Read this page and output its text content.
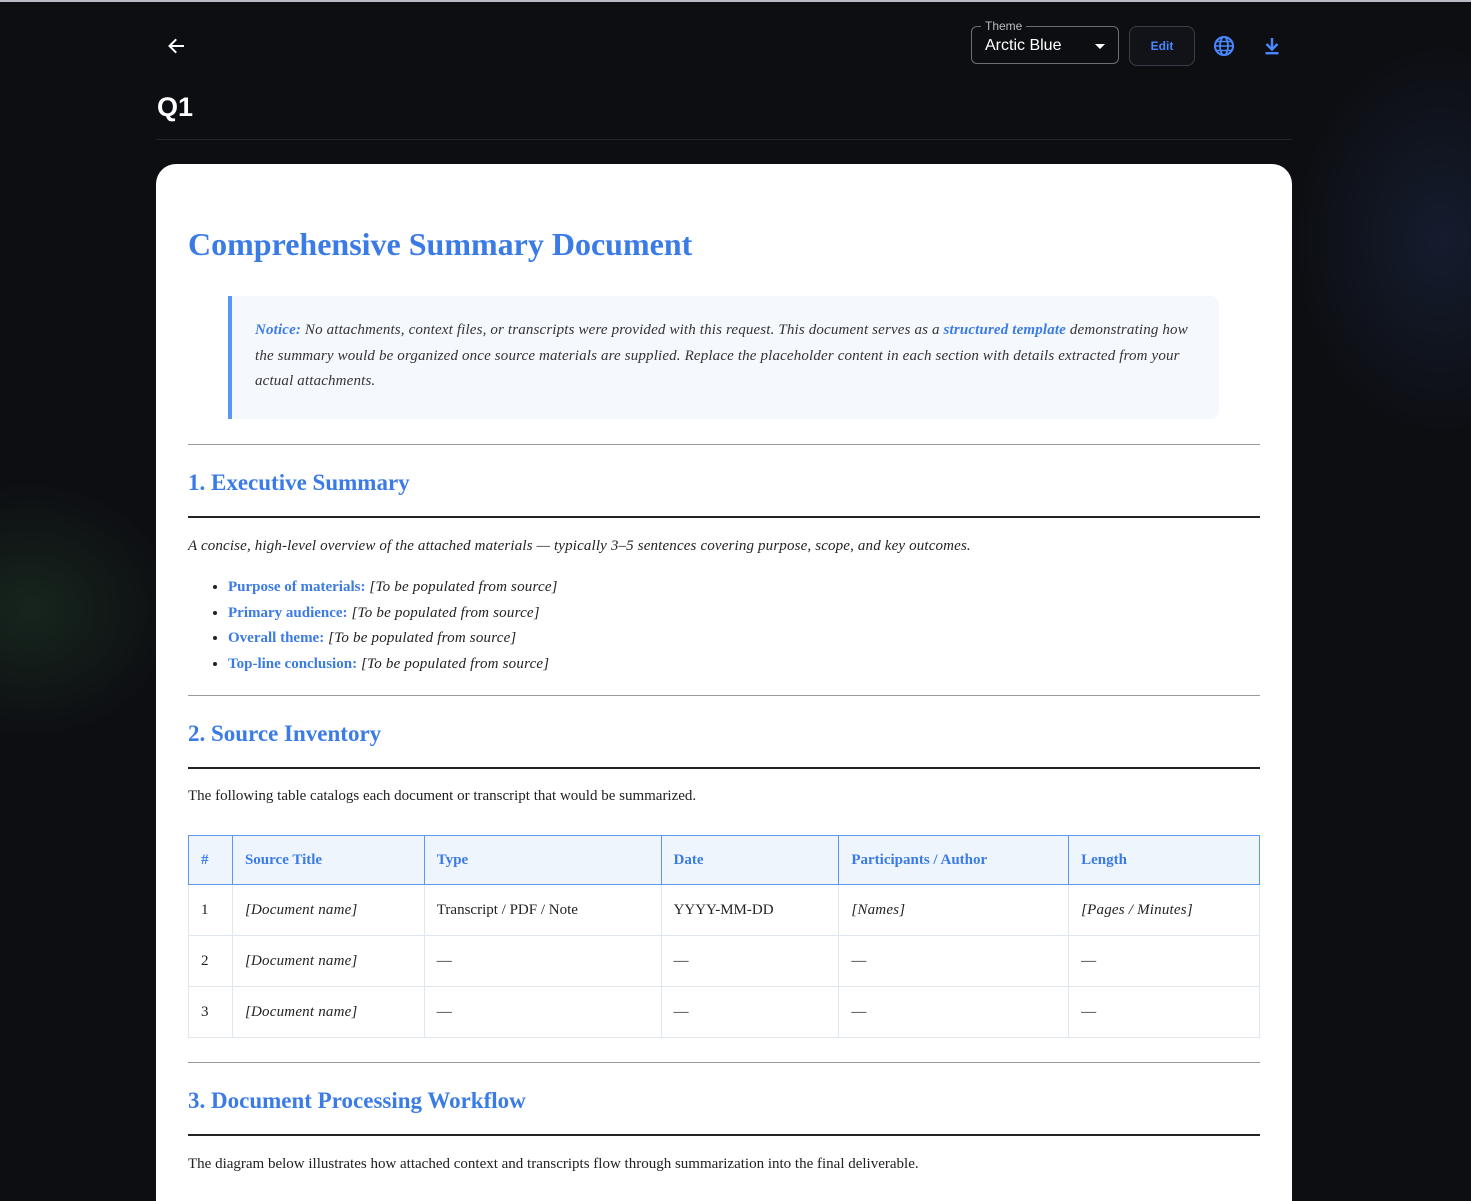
Theme
Arctic Blue	Edit
Q1
Comprehensive Summary Document
Notice: No attachments, context files, or transcripts were provided with this request. This document serves as a structured template demonstrating how the summary would be organized once source materials are supplied. Replace the placeholder content in each section with details extracted from your actual attachments.
1. Executive Summary

A concise, high-level overview of the attached materials — typically 3–5 sentences covering purpose, scope, and key outcomes.

• Purpose of materials: [To be populated from source]
• Primary audience: [To be populated from source]
• Overall theme: [To be populated from source]
• Top-line conclusion: [To be populated from source]
2. Source Inventory

The following table catalogs each document or transcript that would be summarized.

#	Source Title	Type	Date	Participants / Author	Length
1	[Document name]	Transcript / PDF / Note	YYYY-MM-DD	[Names]	[Pages / Minutes]
2	[Document name]	—	—	—	—
3	[Document name]	—	—	—	—
3. Document Processing Workflow

The diagram below illustrates how attached context and transcripts flow through summarization into the final deliverable.
